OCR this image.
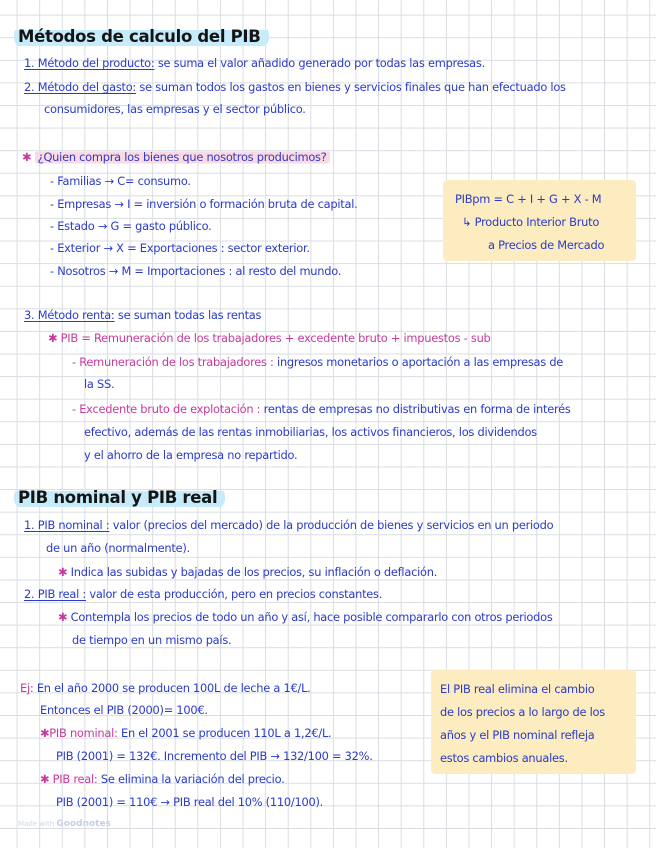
Métodos de calculo del PIB
1. Método del producto: se suma el valor añadido generado por todas las empresas.
2. Método del gasto: se suman todos los gastos en bienes y servicios finales que han efectuado los
consumidores, las empresas y el sector público.
✱ ¿Quien compra los bienes que nosotros producimos?
- Familias → C= consumo.
- Empresas → I = inversión o formación bruta de capital.
- Estado → G = gasto público.
- Exterior → X = Exportaciones : sector exterior.
- Nosotros → M = Importaciones : al resto del mundo.
PIBpm = C + I + G + X - M
↳ Producto Interior Bruto
a Precios de Mercado
3. Método renta: se suman todas las rentas
✱ PIB = Remuneración de los trabajadores + excedente bruto + impuestos - sub
- Remuneración de los trabajadores : ingresos monetarios o aportación a las empresas de
la SS.
- Excedente bruto de explotación : rentas de empresas no distributivas en forma de interés
efectivo, además de las rentas inmobiliarias, los activos financieros, los dividendos
y el ahorro de la empresa no repartido.
PIB nominal y PIB real
1. PIB nominal : valor (precios del mercado) de la producción de bienes y servicios en un periodo
de un año (normalmente).
✱ Indica las subidas y bajadas de los precios, su inflación o deflación.
2. PIB real : valor de esta producción, pero en precios constantes.
✱ Contempla los precios de todo un año y así, hace posible compararlo con otros periodos
de tiempo en un mismo país.
Ej: En el año 2000 se producen 100L de leche a 1€/L.
Entonces el PIB (2000)= 100€.
✱PIB nominal: En el 2001 se producen 110L a 1,2€/L.
PIB (2001) = 132€. Incremento del PIB → 132/100 = 32%.
✱ PIB real: Se elimina la variación del precio.
PIB (2001) = 110€ → PIB real del 10% (110/100).
El PIB real elimina el cambio
de los precios a lo largo de los
años y el PIB nominal refleja
estos cambios anuales.
Made with Goodnotes
